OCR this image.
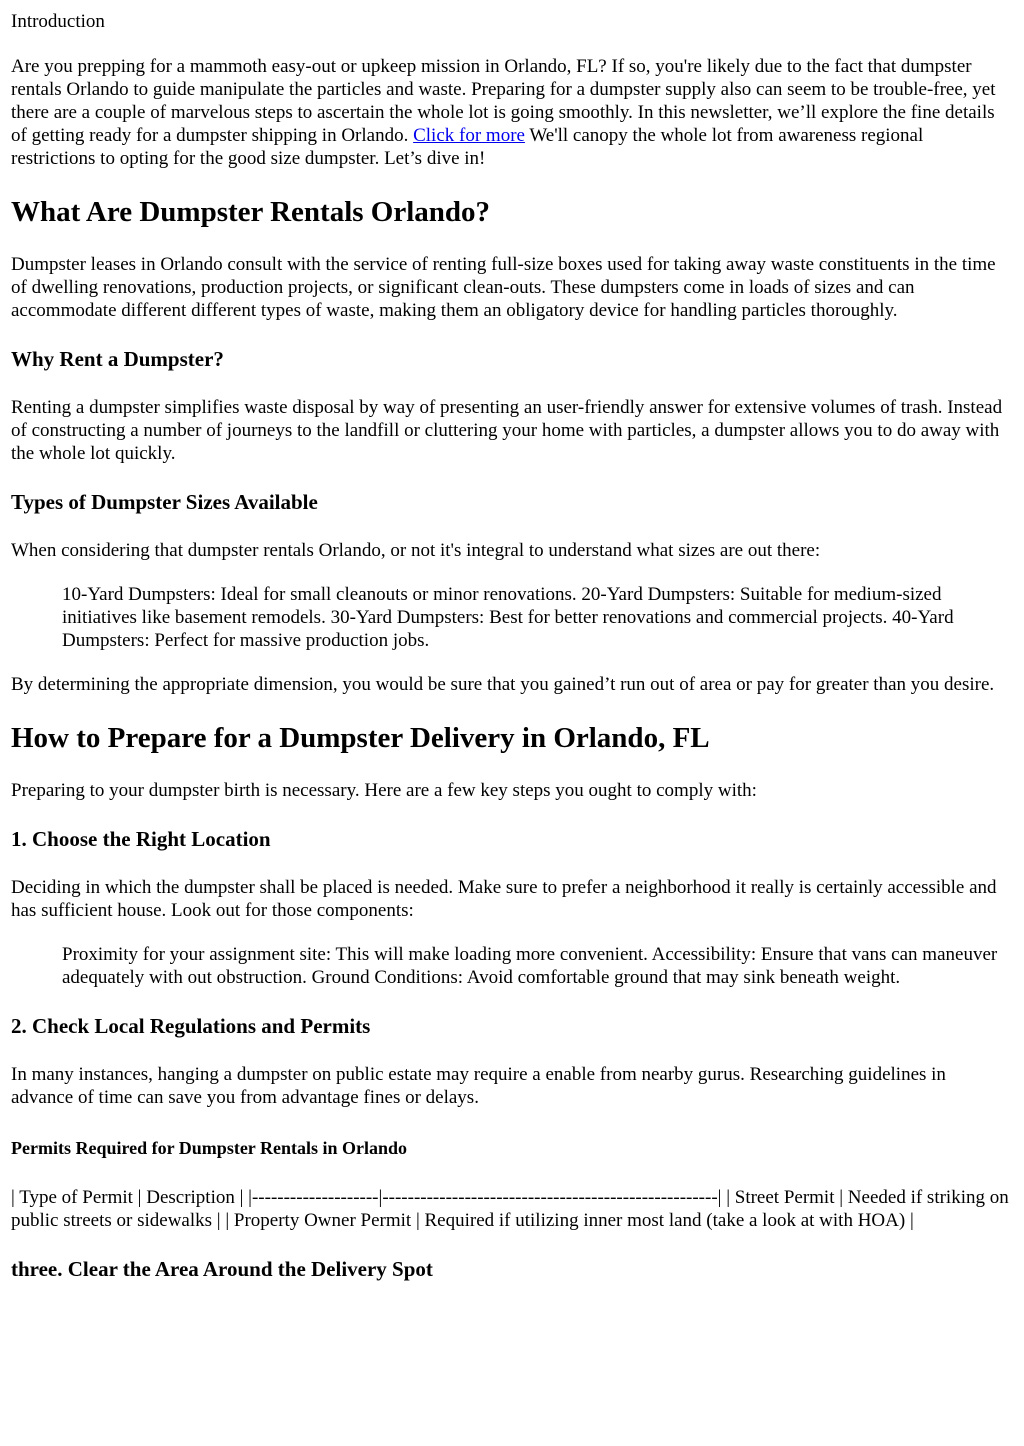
Introduction

Are you prepping for a mammoth easy-out or upkeep mission in Orlando, FL? If so, you're likely due to the fact that dumpster rentals Orlando to guide manipulate the particles and waste. Preparing for a dumpster supply also can seem to be trouble-free, yet there are a couple of marvelous steps to ascertain the whole lot is going smoothly. In this newsletter, we’ll explore the fine details of getting ready for a dumpster shipping in Orlando. Click for more We'll canopy the whole lot from awareness regional restrictions to opting for the good size dumpster. Let’s dive in!

What Are Dumpster Rentals Orlando?

Dumpster leases in Orlando consult with the service of renting full-size boxes used for taking away waste constituents in the time of dwelling renovations, production projects, or significant clean-outs. These dumpsters come in loads of sizes and can accommodate different different types of waste, making them an obligatory device for handling particles thoroughly.

Why Rent a Dumpster?

Renting a dumpster simplifies waste disposal by way of presenting an user-friendly answer for extensive volumes of trash. Instead of constructing a number of journeys to the landfill or cluttering your home with particles, a dumpster allows you to do away with the whole lot quickly.

Types of Dumpster Sizes Available

When considering that dumpster rentals Orlando, or not it's integral to understand what sizes are out there:

10-Yard Dumpsters: Ideal for small cleanouts or minor renovations. 20-Yard Dumpsters: Suitable for medium-sized initiatives like basement remodels. 30-Yard Dumpsters: Best for better renovations and commercial projects. 40-Yard Dumpsters: Perfect for massive production jobs.

By determining the appropriate dimension, you would be sure that you gained’t run out of area or pay for greater than you desire.

How to Prepare for a Dumpster Delivery in Orlando, FL

Preparing to your dumpster birth is necessary. Here are a few key steps you ought to comply with:

1. Choose the Right Location

Deciding in which the dumpster shall be placed is needed. Make sure to prefer a neighborhood it really is certainly accessible and has sufficient house. Look out for those components:

Proximity for your assignment site: This will make loading more convenient. Accessibility: Ensure that vans can maneuver adequately with out obstruction. Ground Conditions: Avoid comfortable ground that may sink beneath weight.

2. Check Local Regulations and Permits

In many instances, hanging a dumpster on public estate may require a enable from nearby gurus. Researching guidelines in advance of time can save you from advantage fines or delays.

Permits Required for Dumpster Rentals in Orlando

| Type of Permit | Description | |--------------------|-----------------------------------------------------| | Street Permit | Needed if striking on public streets or sidewalks | | Property Owner Permit | Required if utilizing inner most land (take a look at with HOA) |

three. Clear the Area Around the Delivery Spot
